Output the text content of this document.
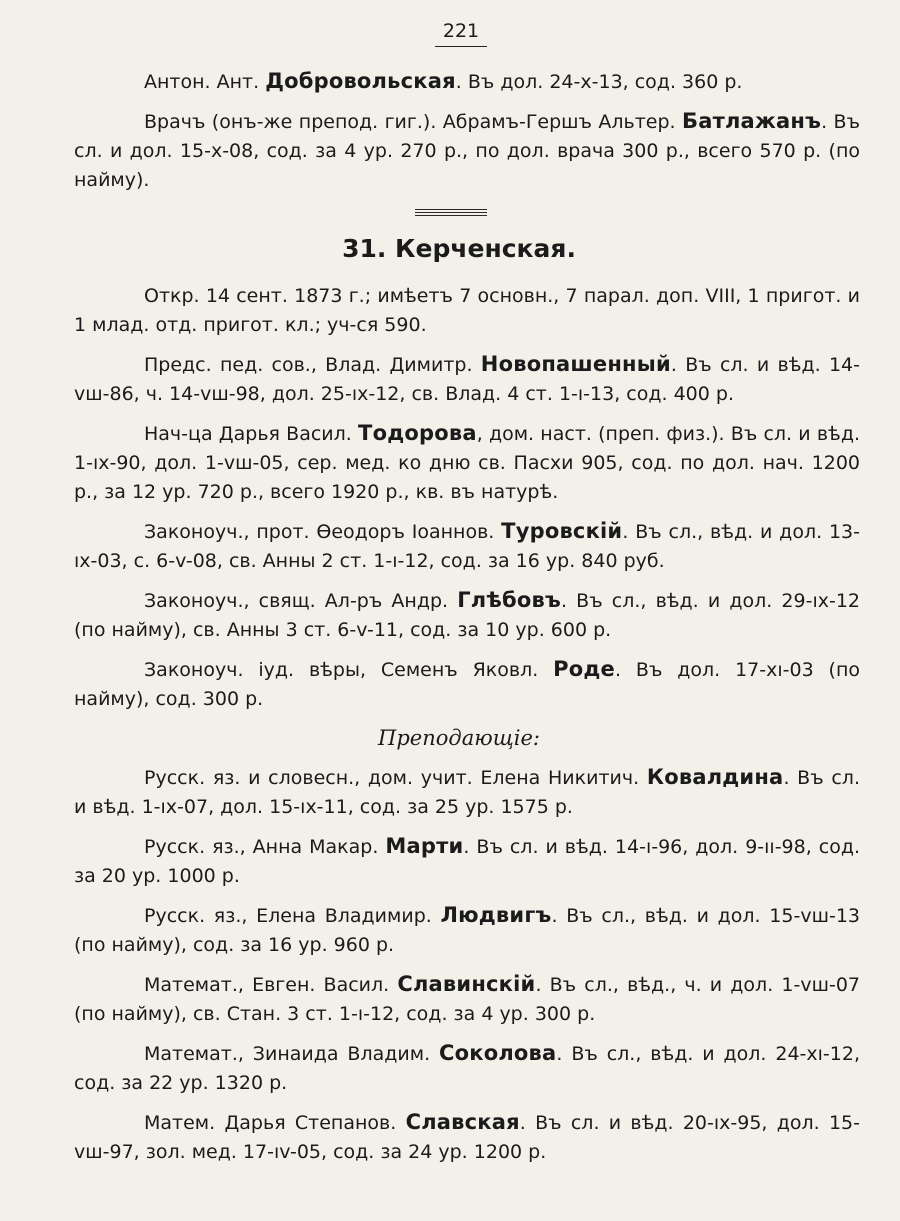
221

Антон. Ант. Добровольская. Въ дол. 24-х-13, сод. 360 р.

Врачъ (онъ-же препод. гиг.). Абрамъ-Гершъ Альтер. Батлажанъ. Въ сл. и дол. 15-х-08, сод. за 4 ур. 270 р., по дол. врача 300 р., всего 570 р. (по найму).

31. Керченская.

Откр. 14 сент. 1873 г.; имѣетъ 7 основн., 7 парал. доп. VIII, 1 пригот. и 1 млад. отд. пригот. кл.; уч-ся 590.

Предс. пед. сов., Влад. Димитр. Новопашенный. Въ сл. и вѣд. 14-vш-86, ч. 14-vш-98, дол. 25-ıx-12, св. Влад. 4 ст. 1-ı-13, сод. 400 р.

Нач-ца Дарья Васил. Тодорова, дом. наст. (преп. физ.). Въ сл. и вѣд. 1-ıx-90, дол. 1-vш-05, сер. мед. ко дню св. Пасхи 905, сод. по дол. нач. 1200 р., за 12 ур. 720 р., всего 1920 р., кв. въ натурѣ.

Законоуч., прот. Ѳеодоръ Іоаннов. Туровскій. Въ сл., вѣд. и дол. 13-ıx-03, с. 6-v-08, св. Анны 2 ст. 1-ı-12, сод. за 16 ур. 840 руб.

Законоуч., свящ. Ал-ръ Андр. Глѣбовъ. Въ сл., вѣд. и дол. 29-ıx-12 (по найму), св. Анны 3 ст. 6-v-11, сод. за 10 ур. 600 р.

Законоуч. іуд. вѣры, Семенъ Яковл. Роде. Въ дол. 17-xı-03 (по найму), сод. 300 р.

Преподающіе:

Русск. яз. и словесн., дом. учит. Елена Никитич. Ковалдина. Въ сл. и вѣд. 1-ıx-07, дол. 15-ıx-11, сод. за 25 ур. 1575 р.

Русск. яз., Анна Макар. Марти. Въ сл. и вѣд. 14-ı-96, дол. 9-ıı-98, сод. за 20 ур. 1000 р.

Русск. яз., Елена Владимир. Людвигъ. Въ сл., вѣд. и дол. 15-vш-13 (по найму), сод. за 16 ур. 960 р.

Математ., Евген. Васил. Славинскій. Въ сл., вѣд., ч. и дол. 1-vш-07 (по найму), св. Стан. 3 ст. 1-ı-12, сод. за 4 ур. 300 р.

Математ., Зинаида Владим. Соколова. Въ сл., вѣд. и дол. 24-xı-12, сод. за 22 ур. 1320 р.

Матем. Дарья Степанов. Славская. Въ сл. и вѣд. 20-ıx-95, дол. 15-vш-97, зол. мед. 17-ıv-05, сод. за 24 ур. 1200 р.
